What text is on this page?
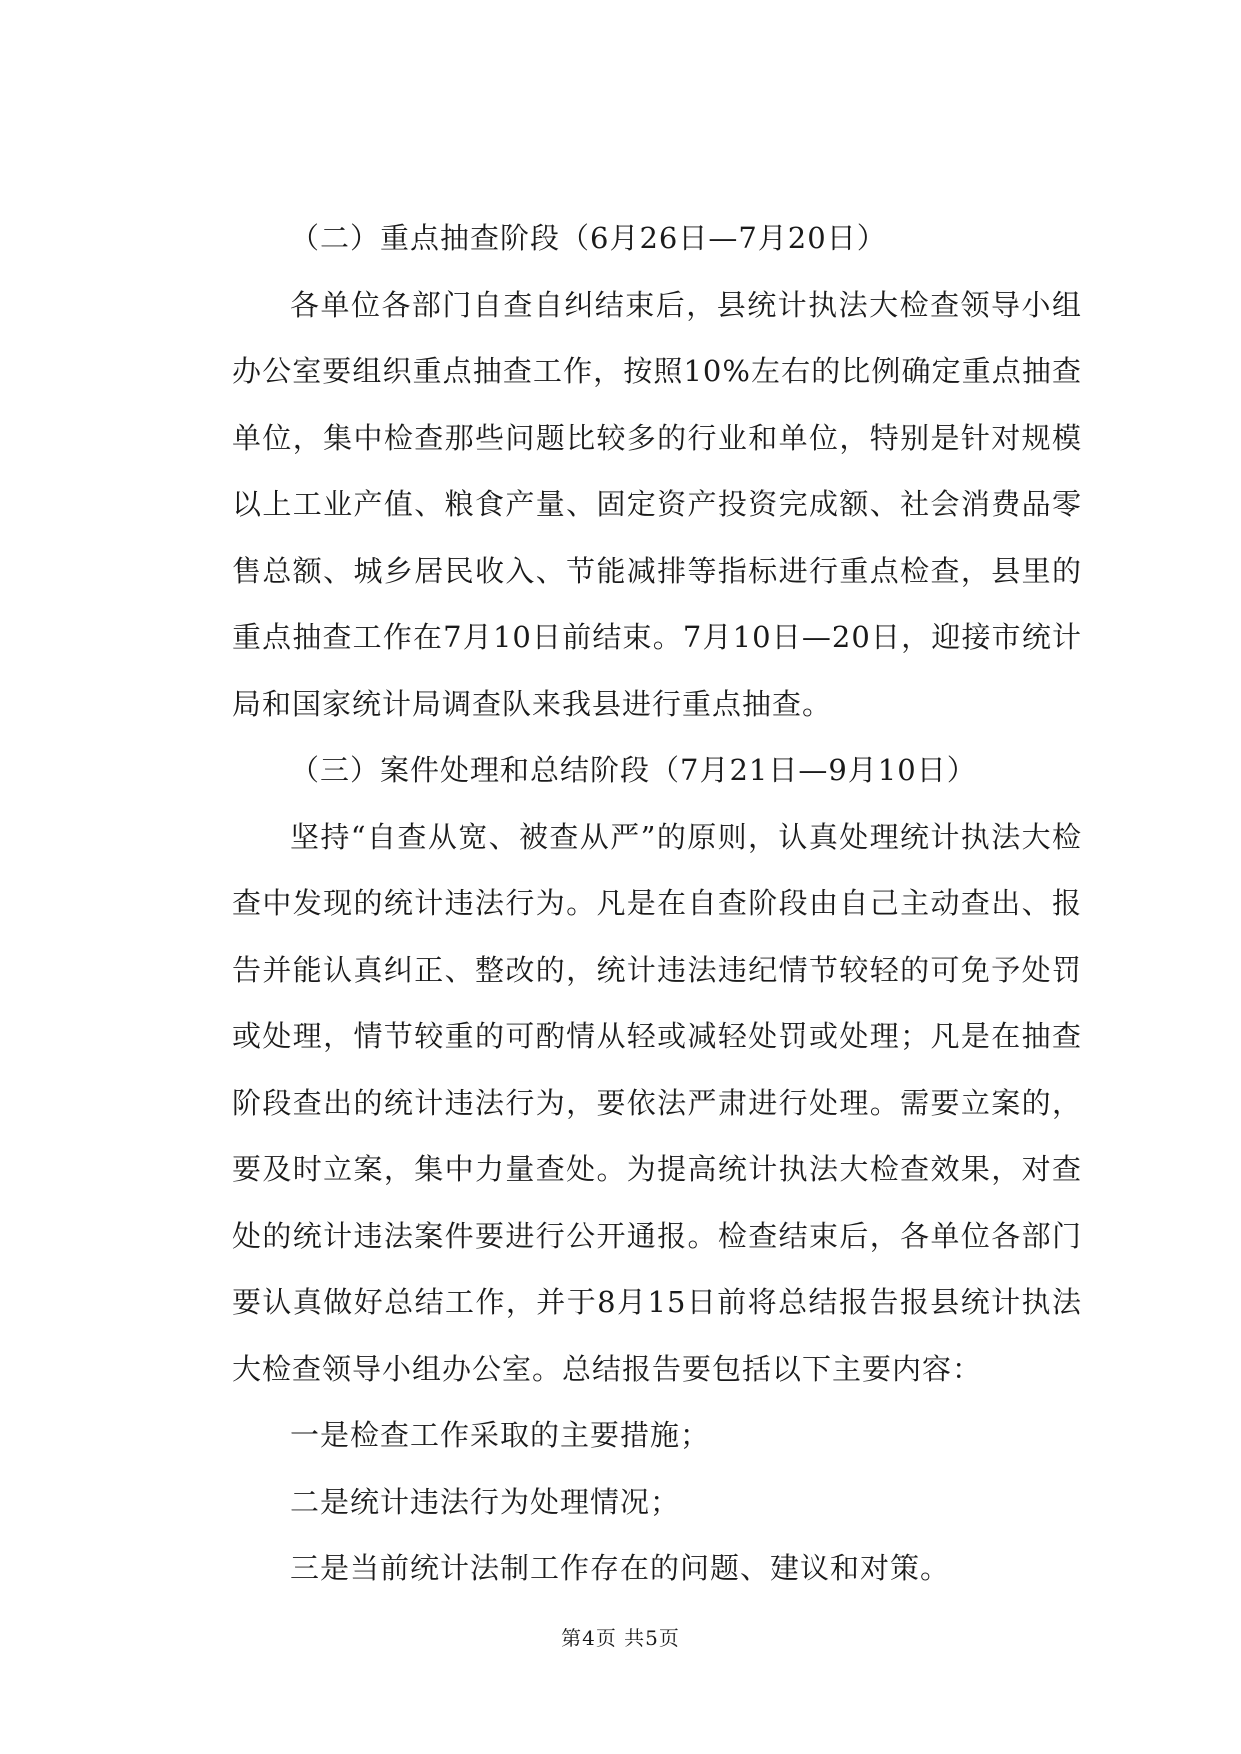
（二）重点抽查阶段（6月26日—7月20日）

各单位各部门自查自纠结束后，县统计执法大检查领导小组办公室要组织重点抽查工作，按照10%左右的比例确定重点抽查单位，集中检查那些问题比较多的行业和单位，特别是针对规模以上工业产值、粮食产量、固定资产投资完成额、社会消费品零售总额、城乡居民收入、节能减排等指标进行重点检查，县里的重点抽查工作在7月10日前结束。7月10日—20日，迎接市统计局和国家统计局调查队来我县进行重点抽查。

（三）案件处理和总结阶段（7月21日—9月10日）

坚持“自查从宽、被查从严”的原则，认真处理统计执法大检查中发现的统计违法行为。凡是在自查阶段由自己主动查出、报告并能认真纠正、整改的，统计违法违纪情节较轻的可免予处罚或处理，情节较重的可酌情从轻或减轻处罚或处理；凡是在抽查阶段查出的统计违法行为，要依法严肃进行处理。需要立案的，要及时立案，集中力量查处。为提高统计执法大检查效果，对查处的统计违法案件要进行公开通报。检查结束后，各单位各部门要认真做好总结工作，并于8月15日前将总结报告报县统计执法大检查领导小组办公室。总结报告要包括以下主要内容：

一是检查工作采取的主要措施；

二是统计违法行为处理情况；

三是当前统计法制工作存在的问题、建议和对策。

第4页 共5页
